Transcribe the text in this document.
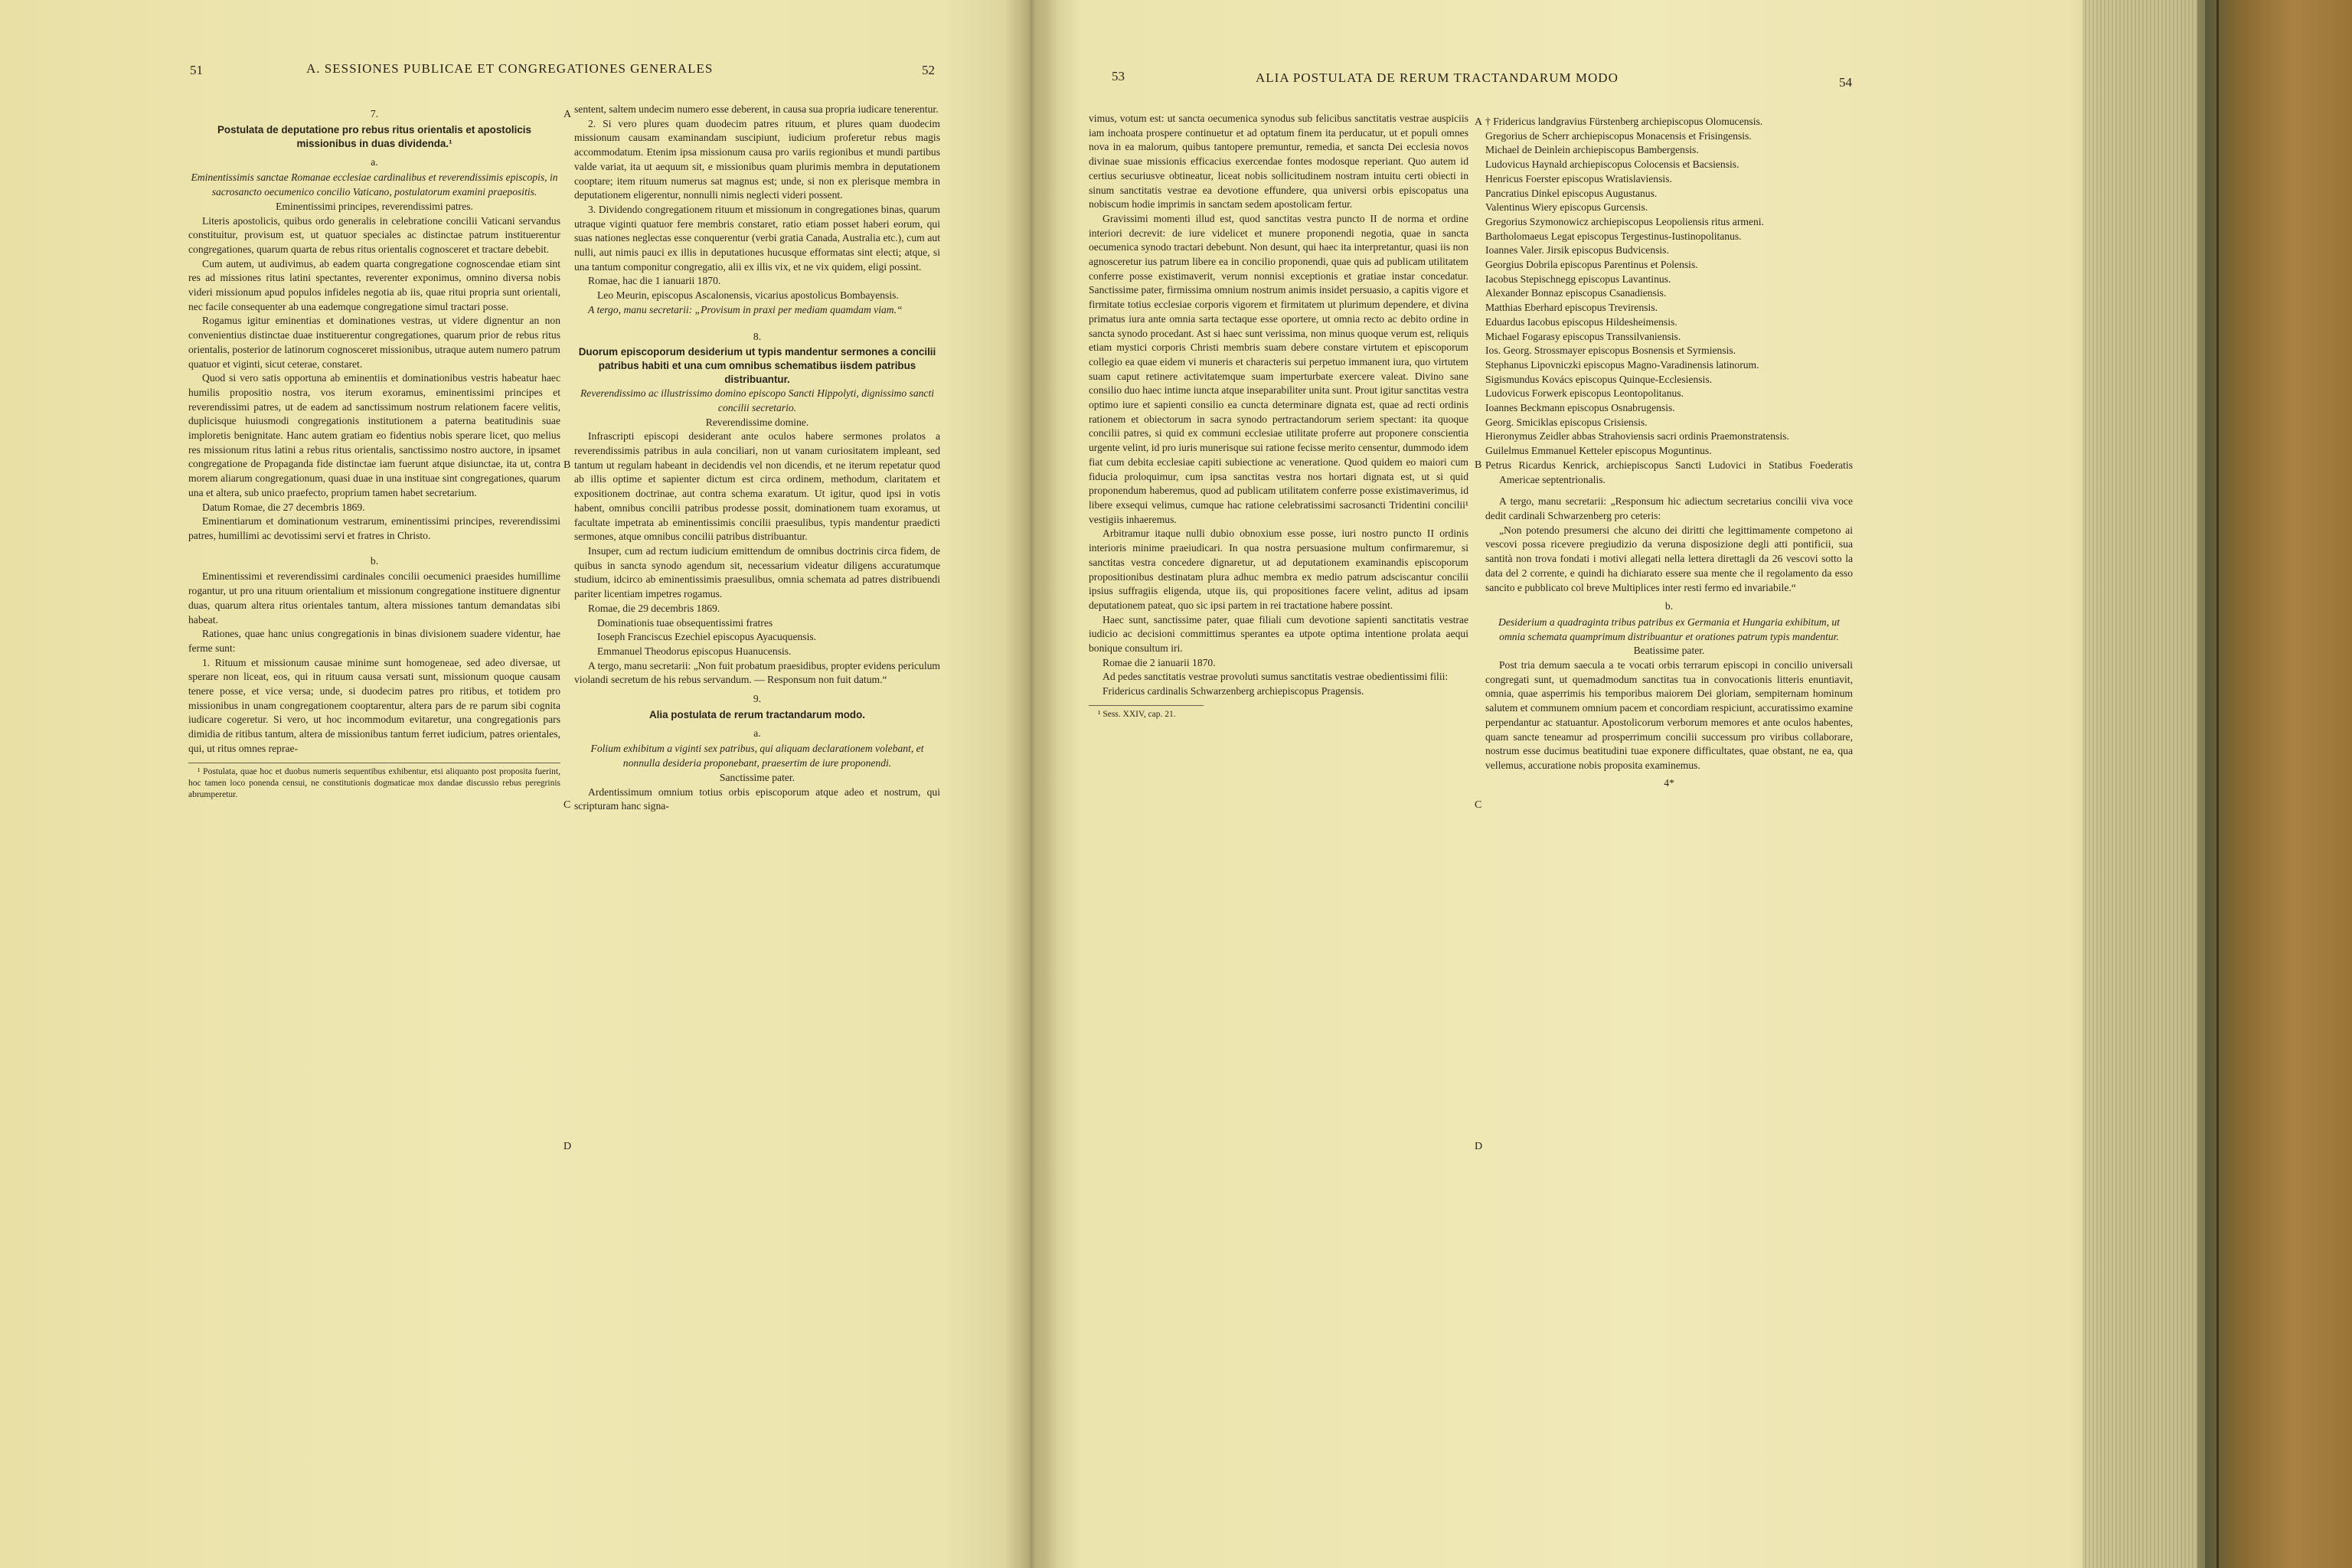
51	A. SESSIONES PUBLICAE ET CONGREGATIONES GENERALES	52

7.

Postulata de deputatione pro rebus ritus orientalis et apostolicis missionibus in duas dividenda.¹

a.

Eminentissimis sanctae Romanae ecclesiae cardinalibus et reverendissimis episcopis, in sacrosancto oecumenico concilio Vaticano, postulatorum examini praepositis.

Eminentissimi principes, reverendissimi patres.

Literis apostolicis, quibus ordo generalis in celebratione concilii Vaticani servandus constituitur, provisum est, ut quatuor speciales ac distinctae patrum instituerentur congregationes, quarum quarta de rebus ritus orientalis cognosceret et tractare debebit.

Cum autem, ut audivimus, ab eadem quarta congregatione cognoscendae etiam sint res ad missiones ritus latini spectantes, reverenter exponimus, omnino diversa nobis videri missionum apud populos infideles negotia ab iis, quae ritui propria sunt orientali, nec facile consequenter ab una eademque congregatione simul tractari posse.

Rogamus igitur eminentias et dominationes vestras, ut videre dignentur an non convenientius distinctae duae instituerentur congregationes, quarum prior de rebus ritus orientalis, posterior de latinorum cognosceret missionibus, utraque autem numero patrum quatuor et viginti, sicut ceterae, constaret.

Quod si vero satis opportuna ab eminentiis et dominationibus vestris habeatur haec humilis propositio nostra, vos iterum exoramus, eminentissimi principes et reverendissimi patres, ut de eadem ad sanctissimum nostrum relationem facere velitis, duplicisque huiusmodi congregationis institutionem a paterna beatitudinis suae imploretis benignitate. Hanc autem gratiam eo fidentius nobis sperare licet, quo melius res missionum ritus latini a rebus ritus orientalis, sanctissimo nostro auctore, in ipsamet congregatione de Propaganda fide distinctae iam fuerunt atque disiunctae, ita ut, contra morem aliarum congregationum, quasi duae in una instituae sint congregationes, quarum una et altera, sub unico praefecto, proprium tamen habet secretarium.

Datum Romae, die 27 decembris 1869.

Eminentiarum et dominationum vestrarum, eminentissimi principes, reverendissimi patres, humillimi ac devotissimi servi et fratres in Christo.

b.

Eminentissimi et reverendissimi cardinales concilii oecumenici praesides humillime rogantur, ut pro una rituum orientalium et missionum congregatione instituere dignentur duas, quarum altera ritus orientales tantum, altera missiones tantum demandatas sibi habeat.

Rationes, quae hanc unius congregationis in binas divisionem suadere videntur, hae ferme sunt:

1. Rituum et missionum causae minime sunt homogeneae, sed adeo diversae, ut sperare non liceat, eos, qui in rituum causa versati sunt, missionum quoque causam tenere posse, et vice versa; unde, si duodecim patres pro ritibus, et totidem pro missionibus in unam congregationem cooptarentur, altera pars de re parum sibi cognita iudicare cogeretur. Si vero, ut hoc incommodum evitaretur, una congregationis pars dimidia de ritibus tantum, altera de missionibus tantum ferret iudicium, patres orientales, qui, ut ritus omnes reprae-

¹ Postulata, quae hoc et duobus numeris sequentibus exhibentur, etsi aliquanto post proposita fuerint, hoc tamen loco ponenda censui, ne constitutionis dogmaticae mox dandae discussio rebus peregrinis abrumperetur.

sentent, saltem undecim numero esse deberent, in causa sua propria iudicare tenerentur.

2. Si vero plures quam duodecim patres rituum, et plures quam duodecim missionum causam examinandam suscipiunt, iudicium proferetur rebus magis accommodatum. Etenim ipsa missionum causa pro variis regionibus et mundi partibus valde variat, ita ut aequum sit, e missionibus quam plurimis membra in deputationem cooptare; item rituum numerus sat magnus est; unde, si non ex plerisque membra in deputationem eligerentur, nonnulli nimis neglecti videri possent.

3. Dividendo congregationem rituum et missionum in congregationes binas, quarum utraque viginti quatuor fere membris constaret, ratio etiam posset haberi eorum, qui suas nationes neglectas esse conquerentur (verbi gratia Canada, Australia etc.), cum aut nulli, aut nimis pauci ex illis in deputationes hucusque efformatas sint electi; atque, si una tantum componitur congregatio, alii ex illis vix, et ne vix quidem, eligi possint.

Romae, hac die 1 ianuarii 1870.

Leo Meurin, episcopus Ascalonensis, vicarius apostolicus Bombayensis.

A tergo, manu secretarii: „Provisum in praxi per mediam quamdam viam.“

8.

Duorum episcoporum desiderium ut typis mandentur sermones a concilii patribus habiti et una cum omnibus schematibus iisdem patribus distribuantur.

Reverendissimo ac illustrissimo domino episcopo Sancti Hippolyti, dignissimo sancti concilii secretario.

Reverendissime domine.

Infrascripti episcopi desiderant ante oculos habere sermones prolatos a reverendissimis patribus in aula conciliari, non ut vanam curiositatem impleant, sed tantum ut regulam habeant in decidendis vel non dicendis, et ne iterum repetatur quod ab illis optime et sapienter dictum est circa ordinem, methodum, claritatem et expositionem doctrinae, aut contra schema exaratum. Ut igitur, quod ipsi in votis habent, omnibus concilii patribus prodesse possit, dominationem tuam exoramus, ut facultate impetrata ab eminentissimis concilii praesulibus, typis mandentur praedicti sermones, atque omnibus concilii patribus distribuantur.

Insuper, cum ad rectum iudicium emittendum de omnibus doctrinis circa fidem, de quibus in sancta synodo agendum sit, necessarium videatur diligens accuratumque studium, idcirco ab eminentissimis praesulibus, omnia schemata ad patres distribuendi pariter licentiam impetres rogamus.

Romae, die 29 decembris 1869.

Dominationis tuae obsequentissimi fratres

Ioseph Franciscus Ezechiel episcopus Ayacuquensis.

Emmanuel Theodorus episcopus Huanucensis.

A tergo, manu secretarii: „Non fuit probatum praesidibus, propter evidens periculum violandi secretum de his rebus servandum. — Responsum non fuit datum.“

9.

Alia postulata de rerum tractandarum modo.

a.

Folium exhibitum a viginti sex patribus, qui aliquam declarationem volebant, et nonnulla desideria proponebant, praesertim de iure proponendi.

Sanctissime pater.

Ardentissimum omnium totius orbis episcoporum atque adeo et nostrum, qui scripturam hanc signa-

A
B
C
D
53	ALIA POSTULATA DE RERUM TRACTANDARUM MODO	54

vimus, votum est: ut sancta oecumenica synodus sub felicibus sanctitatis vestrae auspiciis iam inchoata prospere continuetur et ad optatum finem ita perducatur, ut et populi omnes nova in ea malorum, quibus tantopere premuntur, remedia, et sancta Dei ecclesia novos divinae suae missionis efficacius exercendae fontes modosque reperiant. Quo autem id certius securiusve obtineatur, liceat nobis sollicitudinem nostram intuitu certi obiecti in sinum sanctitatis vestrae ea devotione effundere, qua universi orbis episcopatus una nobiscum hodie imprimis in sanctam sedem apostolicam fertur.

Gravissimi momenti illud est, quod sanctitas vestra puncto II de norma et ordine interiori decrevit: de iure videlicet et munere proponendi negotia, quae in sancta oecumenica synodo tractari debebunt. Non desunt, qui haec ita interpretantur, quasi iis non agnosceretur ius patrum libere ea in concilio proponendi, quae quis ad publicam utilitatem conferre posse existimaverit, verum nonnisi exceptionis et gratiae instar concedatur. Sanctissime pater, firmissima omnium nostrum animis insidet persuasio, a capitis vigore et firmitate totius ecclesiae corporis vigorem et firmitatem ut plurimum dependere, et divina primatus iura ante omnia sarta tectaque esse oportere, ut omnia recto ac debito ordine in sancta synodo procedant. Ast si haec sunt verissima, non minus quoque verum est, reliquis etiam mystici corporis Christi membris suam debere constare virtutem et episcoporum collegio ea quae eidem vi muneris et characteris sui perpetuo immanent iura, quo virtutem suam caput retinere activitatemque suam imperturbate exercere valeat. Divino sane consilio duo haec intime iuncta atque inseparabiliter unita sunt. Prout igitur sanctitas vestra optimo iure et sapienti consilio ea cuncta determinare dignata est, quae ad recti ordinis rationem et obiectorum in sacra synodo pertractandorum seriem spectant: ita quoque concilii patres, si quid ex communi ecclesiae utilitate proferre aut proponere conscientia urgente velint, id pro iuris munerisque sui ratione fecisse merito censentur, dummodo idem fiat cum debita ecclesiae capiti subiectione ac veneratione. Quod quidem eo maiori cum fiducia proloquimur, cum ipsa sanctitas vestra nos hortari dignata est, ut si quid proponendum haberemus, quod ad publicam utilitatem conferre posse existimaverimus, id libere exsequi velimus, cumque hac ratione celebratissimi sacrosancti Tridentini concilii¹ vestigiis inhaeremus.

Arbitramur itaque nulli dubio obnoxium esse posse, iuri nostro puncto II ordinis interioris minime praeiudicari. In qua nostra persuasione multum confirmaremur, si sanctitas vestra concedere dignaretur, ut ad deputationem examinandis episcoporum propositionibus destinatam plura adhuc membra ex medio patrum adsciscantur concilii ipsius suffragiis eligenda, utque iis, qui propositiones facere velint, aditus ad ipsam deputationem pateat, quo sic ipsi partem in rei tractatione habere possint.

Haec sunt, sanctissime pater, quae filiali cum devotione sapienti sanctitatis vestrae iudicio ac decisioni committimus sperantes ea utpote optima intentione prolata aequi bonique consultum iri.

Romae die 2 ianuarii 1870.

Ad pedes sanctitatis vestrae provoluti sumus sanctitatis vestrae obedientissimi filii:

Fridericus cardinalis Schwarzenberg archiepiscopus Pragensis.

¹ Sess. XXIV, cap. 21.

† Fridericus landgravius Fürstenberg archiepiscopus Olomucensis.

Gregorius de Scherr archiepiscopus Monacensis et Frisingensis.

Michael de Deinlein archiepiscopus Bambergensis.

Ludovicus Haynald archiepiscopus Colocensis et Bacsiensis.

Henricus Foerster episcopus Wratislaviensis.

Pancratius Dinkel episcopus Augustanus.

Valentinus Wiery episcopus Gurcensis.

Gregorius Szymonowicz archiepiscopus Leopoliensis ritus armeni.

Bartholomaeus Legat episcopus Tergestinus-Iustinopolitanus.

Ioannes Valer. Jirsik episcopus Budvicensis.

Georgius Dobrila episcopus Parentinus et Polensis.

Iacobus Stepischnegg episcopus Lavantinus.

Alexander Bonnaz episcopus Csanadiensis.

Matthias Eberhard episcopus Trevirensis.

Eduardus Iacobus episcopus Hildesheimensis.

Michael Fogarasy episcopus Transsilvaniensis.

Ios. Georg. Strossmayer episcopus Bosnensis et Syrmiensis.

Stephanus Lipovniczki episcopus Magno-Varadinensis latinorum.

Sigismundus Kovács episcopus Quinque-Ecclesiensis.

Ludovicus Forwerk episcopus Leontopolitanus.

Ioannes Beckmann episcopus Osnabrugensis.

Georg. Smiciklas episcopus Crisiensis.

Hieronymus Zeidler abbas Strahoviensis sacri ordinis Praemonstratensis.

Guilelmus Emmanuel Ketteler episcopus Moguntinus.

Petrus Ricardus Kenrick, archiepiscopus Sancti Ludovici in Statibus Foederatis Americae septentrionalis.

A tergo, manu secretarii: „Responsum hic adiectum secretarius concilii viva voce dedit cardinali Schwarzenberg pro ceteris:

„Non potendo presumersi che alcuno dei diritti che legittimamente competono ai vescovi possa ricevere pregiudizio da veruna disposizione degli atti pontificii, sua santità non trova fondati i motivi allegati nella lettera direttagli da 26 vescovi sotto la data del 2 corrente, e quindi ha dichiarato essere sua mente che il regolamento da esso sancito e pubblicato col breve Multiplices inter resti fermo ed invariabile.“

b.

Desiderium a quadraginta tribus patribus ex Germania et Hungaria exhibitum, ut omnia schemata quamprimum distribuantur et orationes patrum typis mandentur.

Beatissime pater.

Post tria demum saecula a te vocati orbis terrarum episcopi in concilio universali congregati sunt, ut quemadmodum sanctitas tua in convocationis litteris enuntiavit, omnia, quae asperrimis his temporibus maiorem Dei gloriam, sempiternam hominum salutem et communem omnium pacem et concordiam respiciunt, accuratissimo examine perpendantur ac statuantur. Apostolicorum verborum memores et ante oculos habentes, quam sancte teneamur ad prosperrimum concilii successum pro viribus collaborare, nostrum esse ducimus beatitudini tuae exponere difficultates, quae obstant, ne ea, qua vellemus, accuratione nobis proposita examinemus.

4*

A
B
C
D
